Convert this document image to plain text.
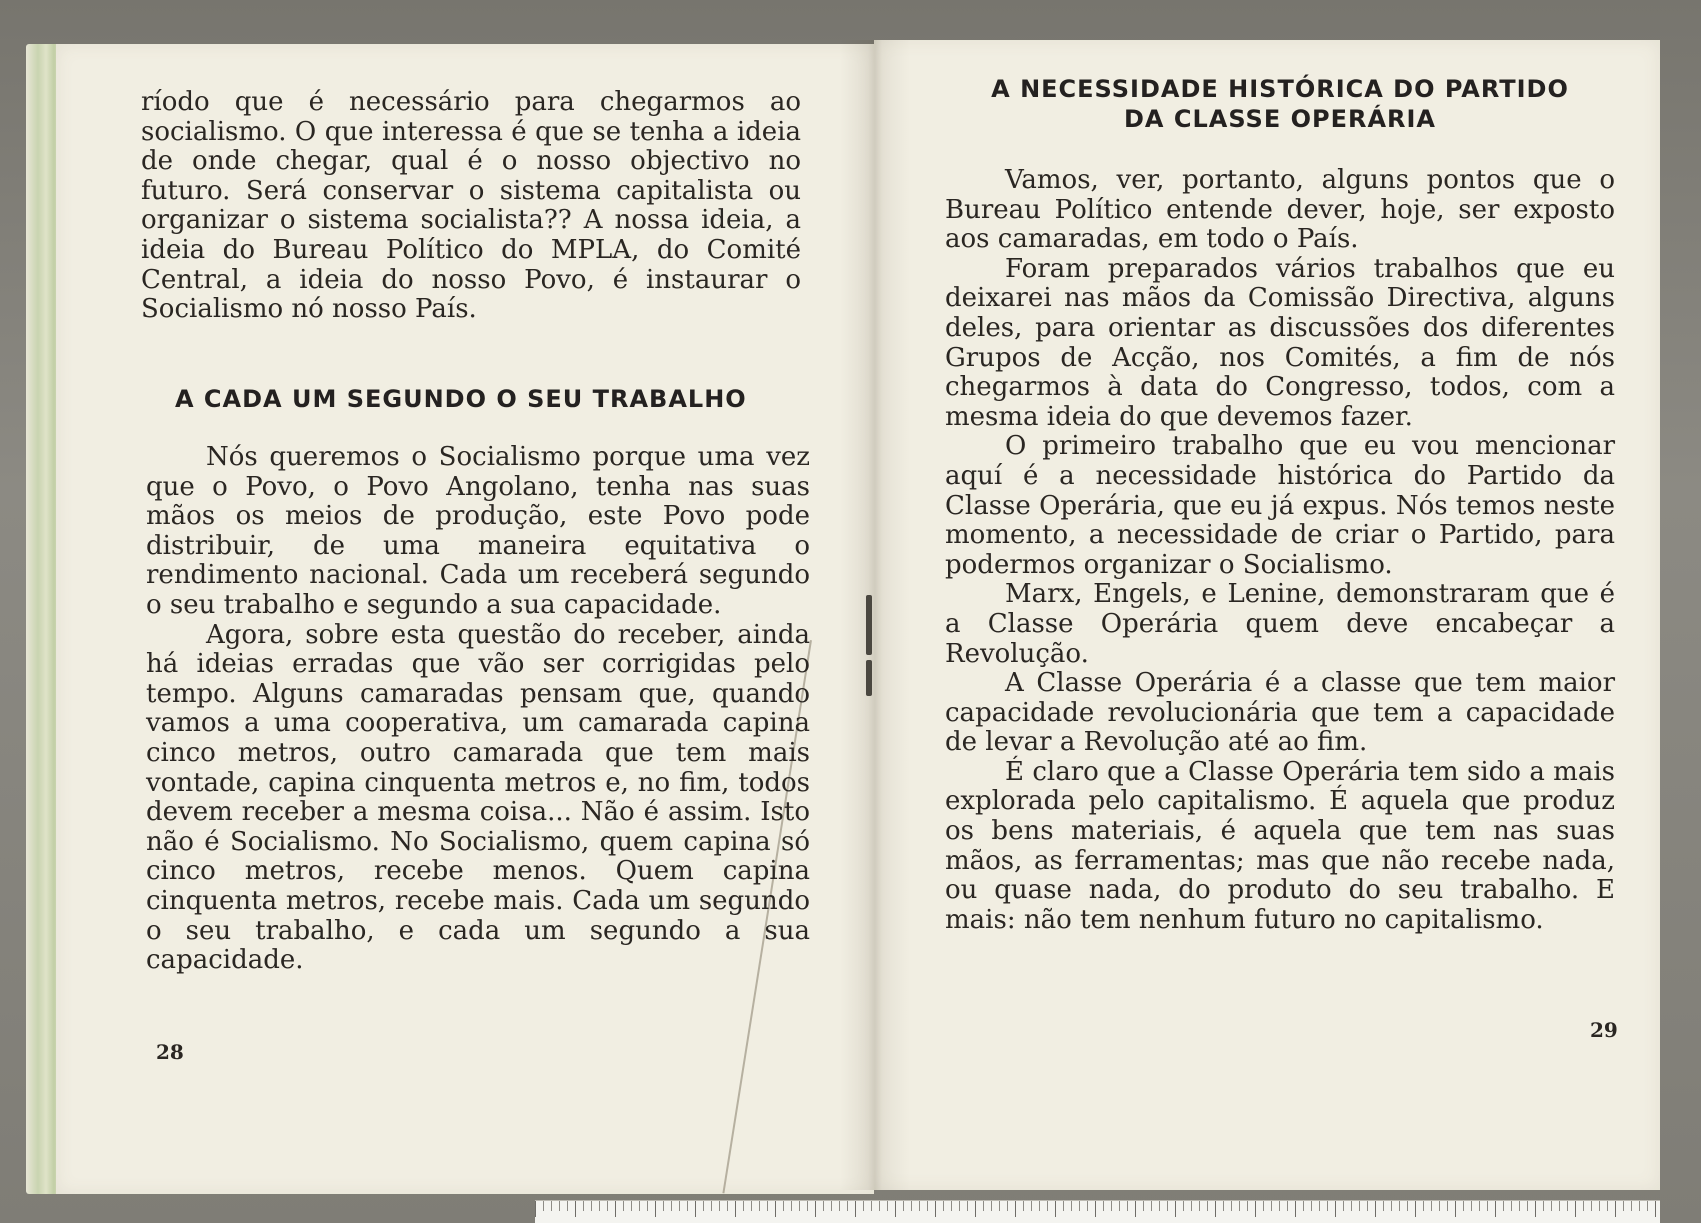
ríodo que é necessário para chegarmos ao socialismo. O que interessa é que se tenha a ideia de onde chegar, qual é o nosso objectivo no futuro. Será conservar o sistema capitalista ou organizar o sistema socialista?? A nossa ideia, a ideia do Bureau Político do MPLA, do Comité Central, a ideia do nosso Povo, é instaurar o Socialismo nó nosso País.

A CADA UM SEGUNDO O SEU TRABALHO

Nós queremos o Socialismo porque uma vez que o Povo, o Povo Angolano, tenha nas suas mãos os meios de produção, este Povo pode distribuir, de uma maneira equitativa o rendimento nacional. Cada um receberá segundo o seu trabalho e segundo a sua capacidade.

Agora, sobre esta questão do receber, ainda há ideias erradas que vão ser corrigidas pelo tempo. Alguns camaradas pensam que, quando vamos a uma cooperativa, um camarada capina cinco metros, outro camarada que tem mais vontade, capina cinquenta metros e, no fim, todos devem receber a mesma coisa... Não é assim. Isto não é Socialismo. No Socialismo, quem capina só cinco metros, recebe menos. Quem capina cinquenta metros, recebe mais. Cada um segundo o seu trabalho, e cada um segundo a sua capacidade.

28
A NECESSIDADE HISTÓRICA DO PARTIDO
DA CLASSE OPERÁRIA

Vamos, ver, portanto, alguns pontos que o Bureau Político entende dever, hoje, ser exposto aos camaradas, em todo o País.

Foram preparados vários trabalhos que eu deixarei nas mãos da Comissão Directiva, alguns deles, para orientar as discussões dos diferentes Grupos de Acção, nos Comités, a fim de nós chegarmos à data do Congresso, todos, com a mesma ideia do que devemos fazer.

O primeiro trabalho que eu vou mencionar aquí é a necessidade histórica do Partido da Classe Operária, que eu já expus. Nós temos neste momento, a necessidade de criar o Partido, para podermos organizar o Socialismo.

Marx, Engels, e Lenine, demonstraram que é a Classe Operária quem deve encabeçar a Revolução.

A Classe Operária é a classe que tem maior capacidade revolucionária que tem a capacidade de levar a Revolução até ao fim.

É claro que a Classe Operária tem sido a mais explorada pelo capitalismo. É aquela que produz os bens materiais, é aquela que tem nas suas mãos, as ferramentas; mas que não recebe nada, ou quase nada, do produto do seu trabalho. E mais: não tem nenhum futuro no capitalismo.

29
